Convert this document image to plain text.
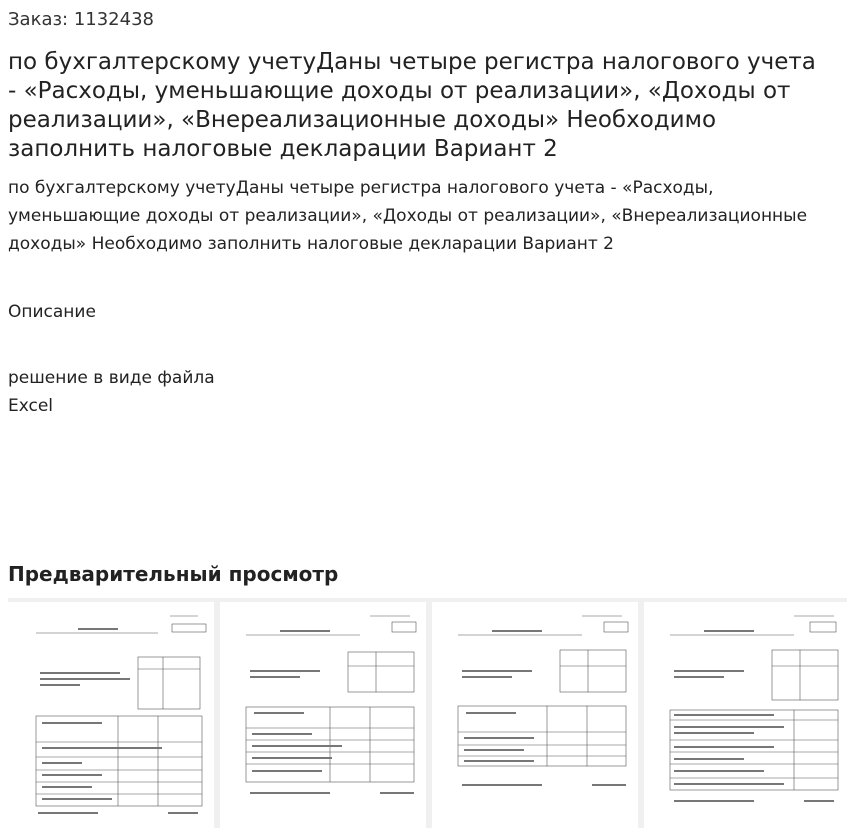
Заказ: 1132438
по бухгалтерскому учетуДаны четыре регистра налогового учета - «Расходы, уменьшающие доходы от реализации», «Доходы от реализации», «Внереализационные доходы» Необходимо заполнить налоговые декларации Вариант 2
по бухгалтерскому учетуДаны четыре регистра налогового учета - «Расходы, уменьшающие доходы от реализации», «Доходы от реализации», «Внереализационные доходы» Необходимо заполнить налоговые декларации Вариант 2
Описание
решение в виде файла Excel
Предварительный просмотр
